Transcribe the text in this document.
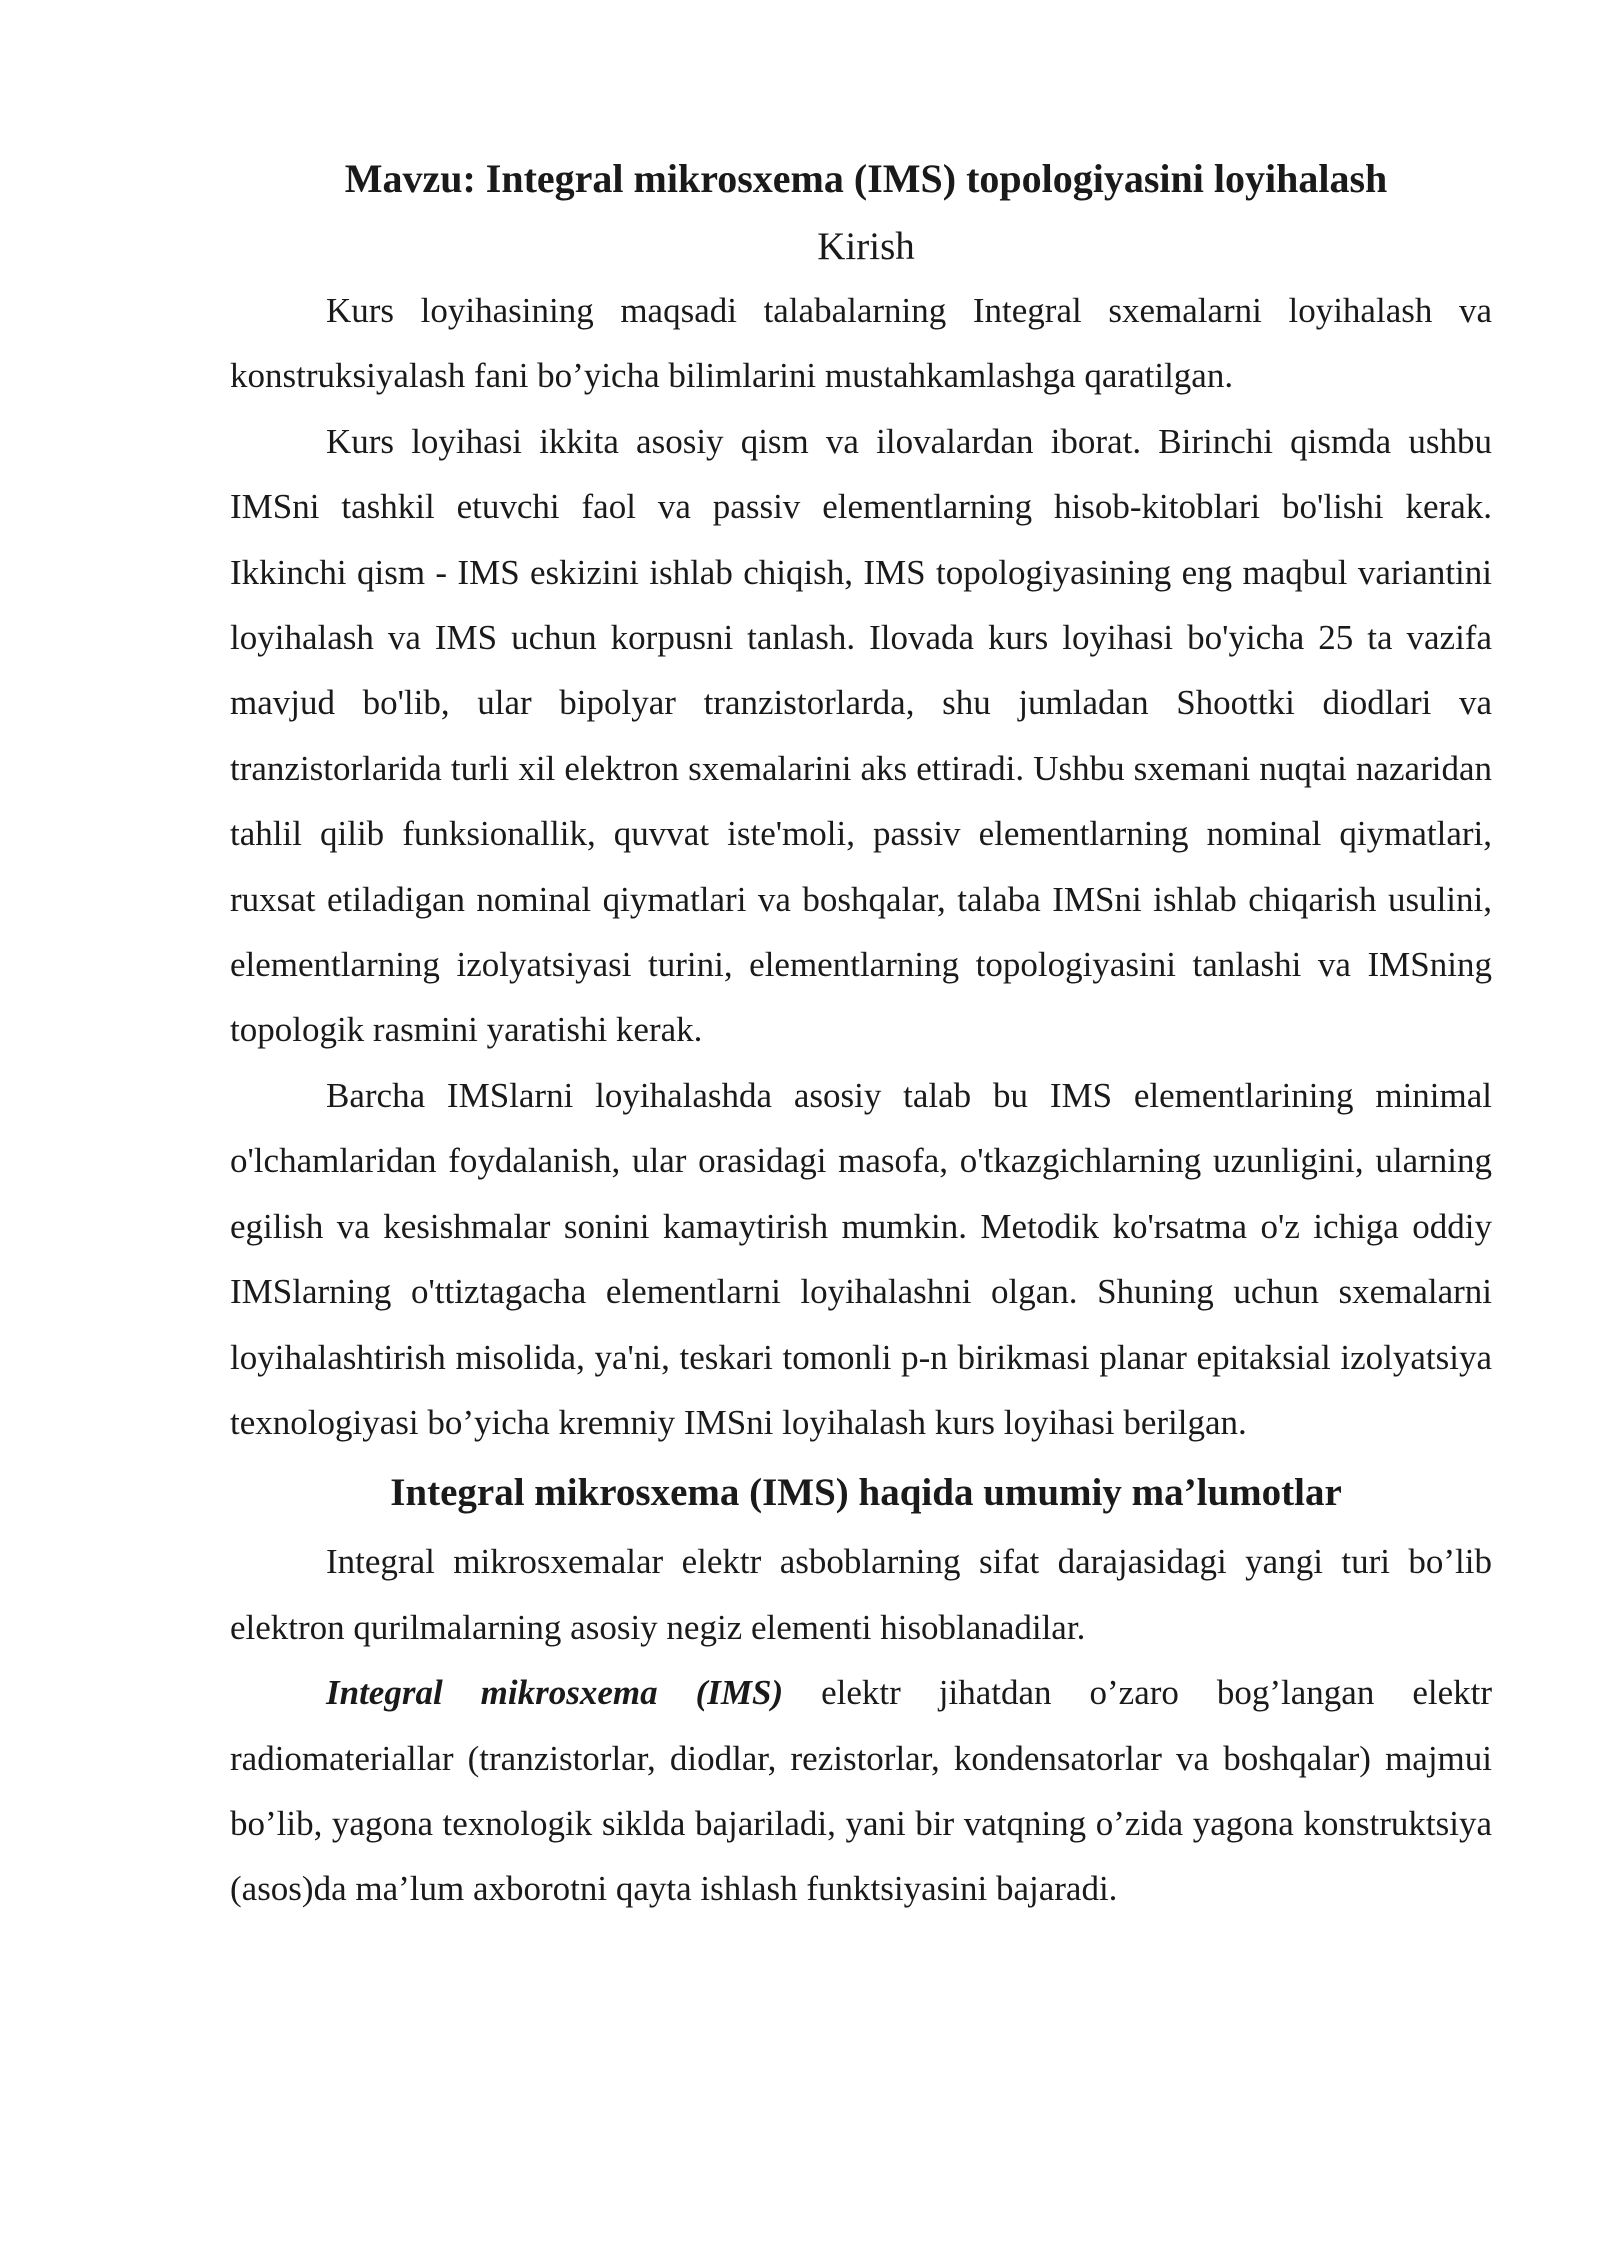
Mavzu: Integral mikrosxema (IMS) topologiyasini loyihalash
Kirish

Kurs loyihasining maqsadi talabalarning Integral sxemalarni loyihalash va konstruksiyalash fani bo’yicha bilimlarini mustahkamlashga qaratilgan.

Kurs loyihasi ikkita asosiy qism va ilovalardan iborat. Birinchi qismda ushbu IMSni tashkil etuvchi faol va passiv elementlarning hisob-kitoblari bo'lishi kerak. Ikkinchi qism - IMS eskizini ishlab chiqish, IMS topologiyasining eng maqbul variantini loyihalash va IMS uchun korpusni tanlash. Ilovada kurs loyihasi bo'yicha 25 ta vazifa mavjud bo'lib, ular bipolyar tranzistorlarda, shu jumladan Shoottki diodlari va tranzistorlarida turli xil elektron sxemalarini aks ettiradi. Ushbu sxemani nuqtai nazaridan tahlil qilib funksionallik, quvvat iste'moli, passiv elementlarning nominal qiymatlari, ruxsat etiladigan nominal qiymatlari va boshqalar, talaba IMSni ishlab chiqarish usulini, elementlarning izolyatsiyasi turini, elementlarning topologiyasini tanlashi va IMSning topologik rasmini yaratishi kerak.

Barcha IMSlarni loyihalashda asosiy talab bu IMS elementlarining minimal o'lchamlaridan foydalanish, ular orasidagi masofa, o'tkazgichlarning uzunligini, ularning egilish va kesishmalar sonini kamaytirish mumkin. Metodik ko'rsatma o'z ichiga oddiy IMSlarning o'ttiztagacha elementlarni loyihalashni olgan. Shuning uchun sxemalarni loyihalashtirish misolida, ya'ni, teskari tomonli p-n birikmasi planar epitaksial izolyatsiya texnologiyasi bo’yicha kremniy IMSni loyihalash kurs loyihasi berilgan.

Integral mikrosxema (IMS) haqida umumiy ma’lumotlar

Integral mikrosxemalar elektr asboblarning sifat darajasidagi yangi turi bo’lib elektron qurilmalarning asosiy negiz elementi hisoblanadilar.

Integral mikrosxema (IMS) elektr jihatdan o’zaro bog’langan elektr radiomateriallar (tranzistorlar, diodlar, rezistorlar, kondensatorlar va boshqalar) majmui bo’lib, yagona texnologik siklda bajariladi, yani bir vatqning o’zida yagona konstruktsiya (asos)da ma’lum axborotni qayta ishlash funktsiyasini bajaradi.
